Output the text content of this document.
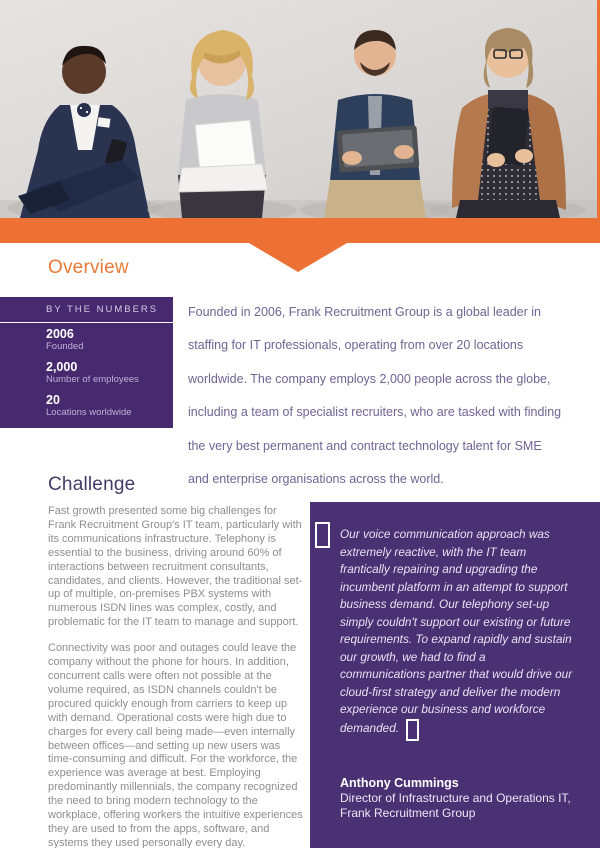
Overview
BY THE NUMBERS
2006
Founded
2,000
Number of employees
20
Locations worldwide

Founded in 2006, Frank Recruitment Group is a global leader in staffing for IT professionals, operating from over 20 locations worldwide. The company employs 2,000 people across the globe, including a team of specialist recruiters, who are tasked with finding the very best permanent and contract technology talent for SME and enterprise organisations across the world.

Challenge

Fast growth presented some big challenges for Frank Recruitment Group's IT team, particularly with its communications infrastructure. Telephony is essential to the business, driving around 60% of interactions between recruitment consultants, candidates, and clients. However, the traditional set-up of multiple, on-premises PBX systems with numerous ISDN lines was complex, costly, and problematic for the IT team to manage and support.

Connectivity was poor and outages could leave the company without the phone for hours. In addition, concurrent calls were often not possible at the volume required, as ISDN channels couldn't be procured quickly enough from carriers to keep up with demand. Operational costs were high due to charges for every call being made—even internally between offices—and setting up new users was time-consuming and difficult. For the workforce, the experience was average at best. Employing predominantly millennials, the company recognized the need to bring modern technology to the workplace, offering workers the intuitive experiences they are used to from the apps, software, and systems they used personally every day.

Our voice communication approach was extremely reactive, with the IT team frantically repairing and upgrading the incumbent platform in an attempt to support business demand. Our telephony set-up simply couldn't support our existing or future requirements. To expand rapidly and sustain our growth, we had to find a communications partner that would drive our cloud-first strategy and deliver the modern experience our business and workforce demanded.
Anthony Cummings
Director of Infrastructure and Operations IT,
Frank Recruitment Group
